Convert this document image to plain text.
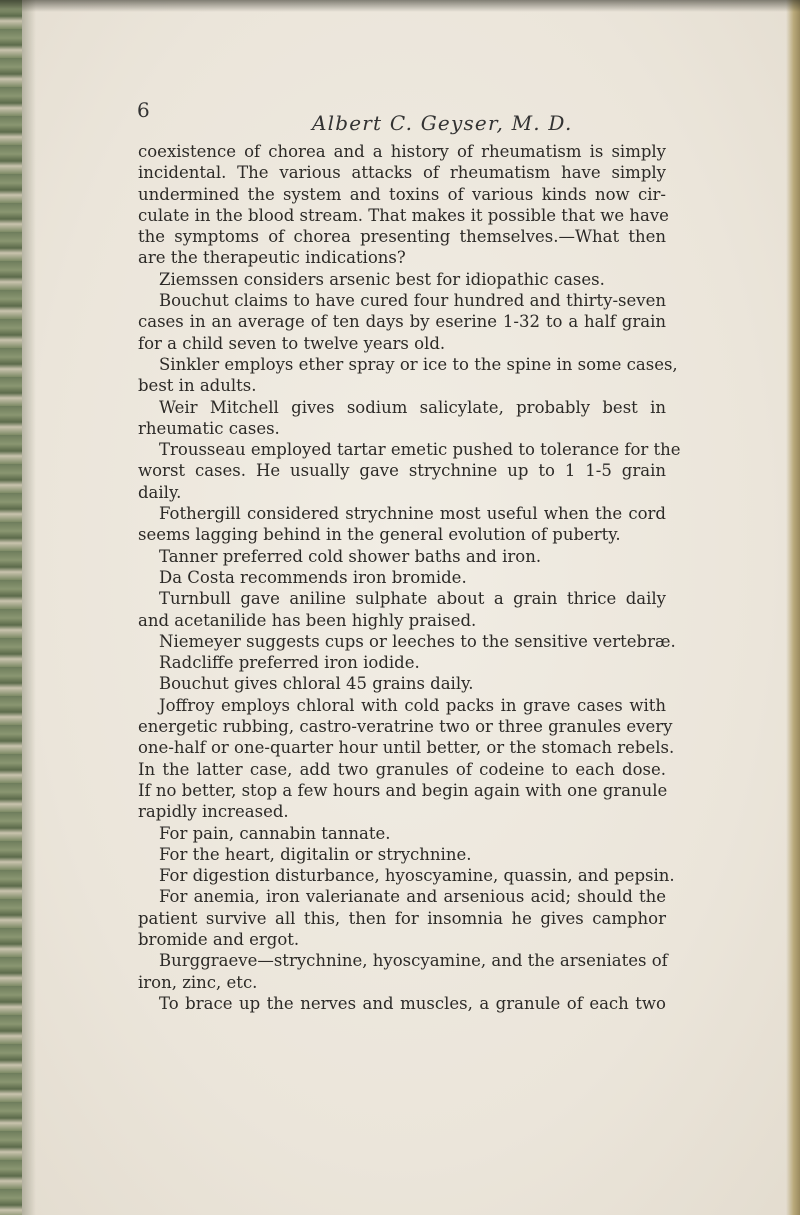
6
Albert C. Geyser, M. D.
coexistence of chorea and a history of rheumatism is simply
incidental. The various attacks of rheumatism have simply
undermined the system and toxins of various kinds now cir-
culate in the blood stream. That makes it possible that we have
the symptoms of chorea presenting themselves.—What then
are the therapeutic indications?
Ziemssen considers arsenic best for idiopathic cases.
Bouchut claims to have cured four hundred and thirty-seven
cases in an average of ten days by eserine 1-32 to a half grain
for a child seven to twelve years old.
Sinkler employs ether spray or ice to the spine in some cases,
best in adults.
Weir Mitchell gives sodium salicylate, probably best in
rheumatic cases.
Trousseau employed tartar emetic pushed to tolerance for the
worst cases. He usually gave strychnine up to 1 1-5 grain
daily.
Fothergill considered strychnine most useful when the cord
seems lagging behind in the general evolution of puberty.
Tanner preferred cold shower baths and iron.
Da Costa recommends iron bromide.
Turnbull gave aniline sulphate about a grain thrice daily
and acetanilide has been highly praised.
Niemeyer suggests cups or leeches to the sensitive vertebræ.
Radcliffe preferred iron iodide.
Bouchut gives chloral 45 grains daily.
Joffroy employs chloral with cold packs in grave cases with
energetic rubbing, castro-veratrine two or three granules every
one-half or one-quarter hour until better, or the stomach rebels.
In the latter case, add two granules of codeine to each dose.
If no better, stop a few hours and begin again with one granule
rapidly increased.
For pain, cannabin tannate.
For the heart, digitalin or strychnine.
For digestion disturbance, hyoscyamine, quassin, and pepsin.
For anemia, iron valerianate and arsenious acid; should the
patient survive all this, then for insomnia he gives camphor
bromide and ergot.
Burggraeve—strychnine, hyoscyamine, and the arseniates of
iron, zinc, etc.
To brace up the nerves and muscles, a granule of each two
